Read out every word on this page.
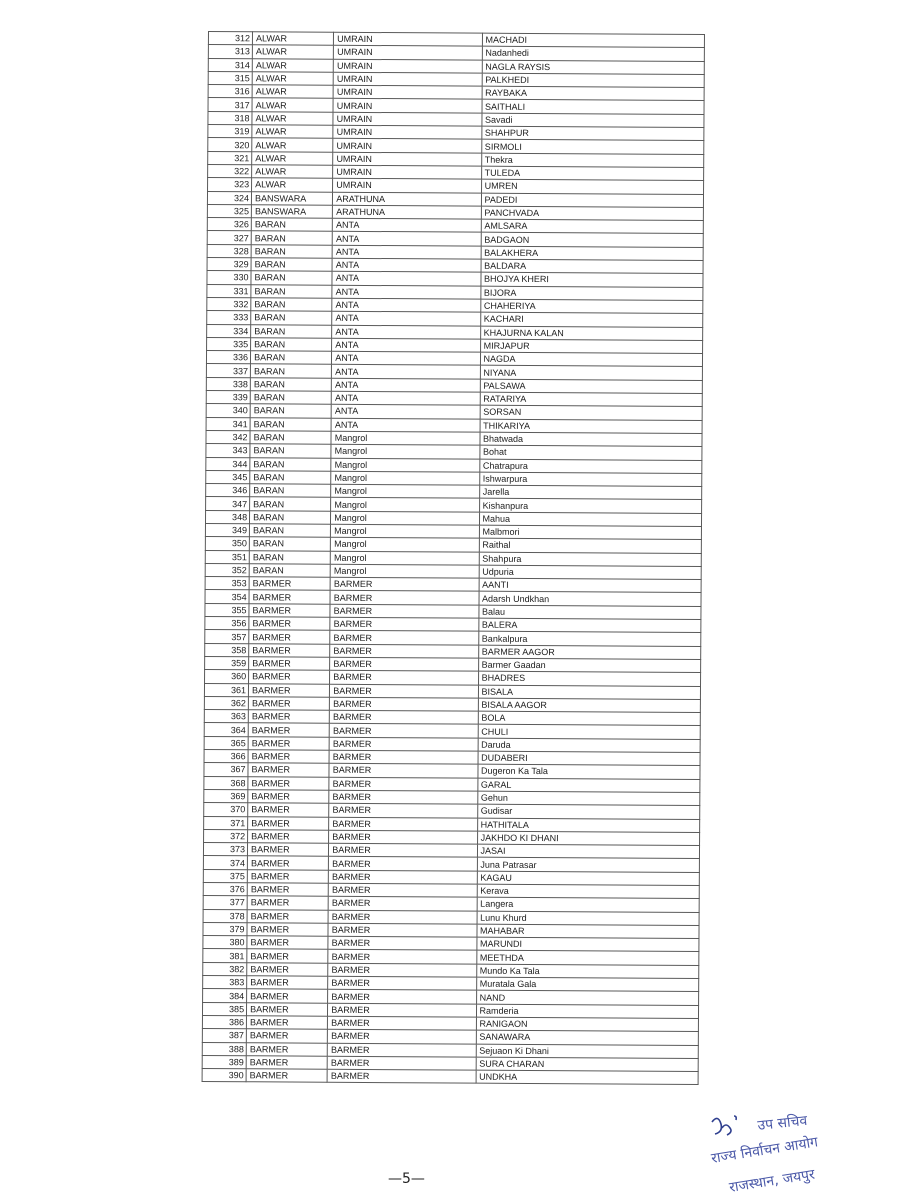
312	ALWAR	UMRAIN	MACHADI
313	ALWAR	UMRAIN	Nadanhedi
314	ALWAR	UMRAIN	NAGLA RAYSIS
315	ALWAR	UMRAIN	PALKHEDI
316	ALWAR	UMRAIN	RAYBAKA
317	ALWAR	UMRAIN	SAITHALI
318	ALWAR	UMRAIN	Savadi
319	ALWAR	UMRAIN	SHAHPUR
320	ALWAR	UMRAIN	SIRMOLI
321	ALWAR	UMRAIN	Thekra
322	ALWAR	UMRAIN	TULEDA
323	ALWAR	UMRAIN	UMREN
324	BANSWARA	ARATHUNA	PADEDI
325	BANSWARA	ARATHUNA	PANCHVADA
326	BARAN	ANTA	AMLSARA
327	BARAN	ANTA	BADGAON
328	BARAN	ANTA	BALAKHERA
329	BARAN	ANTA	BALDARA
330	BARAN	ANTA	BHOJYA KHERI
331	BARAN	ANTA	BIJORA
332	BARAN	ANTA	CHAHERIYA
333	BARAN	ANTA	KACHARI
334	BARAN	ANTA	KHAJURNA KALAN
335	BARAN	ANTA	MIRJAPUR
336	BARAN	ANTA	NAGDA
337	BARAN	ANTA	NIYANA
338	BARAN	ANTA	PALSAWA
339	BARAN	ANTA	RATARIYA
340	BARAN	ANTA	SORSAN
341	BARAN	ANTA	THIKARIYA
342	BARAN	Mangrol	Bhatwada
343	BARAN	Mangrol	Bohat
344	BARAN	Mangrol	Chatrapura
345	BARAN	Mangrol	Ishwarpura
346	BARAN	Mangrol	Jarella
347	BARAN	Mangrol	Kishanpura
348	BARAN	Mangrol	Mahua
349	BARAN	Mangrol	Malbmori
350	BARAN	Mangrol	Raithal
351	BARAN	Mangrol	Shahpura
352	BARAN	Mangrol	Udpuria
353	BARMER	BARMER	AANTI
354	BARMER	BARMER	Adarsh Undkhan
355	BARMER	BARMER	Balau
356	BARMER	BARMER	BALERA
357	BARMER	BARMER	Bankalpura
358	BARMER	BARMER	BARMER AAGOR
359	BARMER	BARMER	Barmer Gaadan
360	BARMER	BARMER	BHADRES
361	BARMER	BARMER	BISALA
362	BARMER	BARMER	BISALA AAGOR
363	BARMER	BARMER	BOLA
364	BARMER	BARMER	CHULI
365	BARMER	BARMER	Daruda
366	BARMER	BARMER	DUDABERI
367	BARMER	BARMER	Dugeron Ka Tala
368	BARMER	BARMER	GARAL
369	BARMER	BARMER	Gehun
370	BARMER	BARMER	Gudisar
371	BARMER	BARMER	HATHITALA
372	BARMER	BARMER	JAKHDO KI DHANI
373	BARMER	BARMER	JASAI
374	BARMER	BARMER	Juna Patrasar
375	BARMER	BARMER	KAGAU
376	BARMER	BARMER	Kerava
377	BARMER	BARMER	Langera
378	BARMER	BARMER	Lunu Khurd
379	BARMER	BARMER	MAHABAR
380	BARMER	BARMER	MARUNDI
381	BARMER	BARMER	MEETHDA
382	BARMER	BARMER	Mundo Ka Tala
383	BARMER	BARMER	Muratala Gala
384	BARMER	BARMER	NAND
385	BARMER	BARMER	Ramderia
386	BARMER	BARMER	RANIGAON
387	BARMER	BARMER	SANAWARA
388	BARMER	BARMER	Sejuaon Ki Dhani
389	BARMER	BARMER	SURA CHARAN
390	BARMER	BARMER	UNDKHA
—5—
उप सचिव
राज्य निर्वाचन आयोग
राजस्थान, जयपुर
